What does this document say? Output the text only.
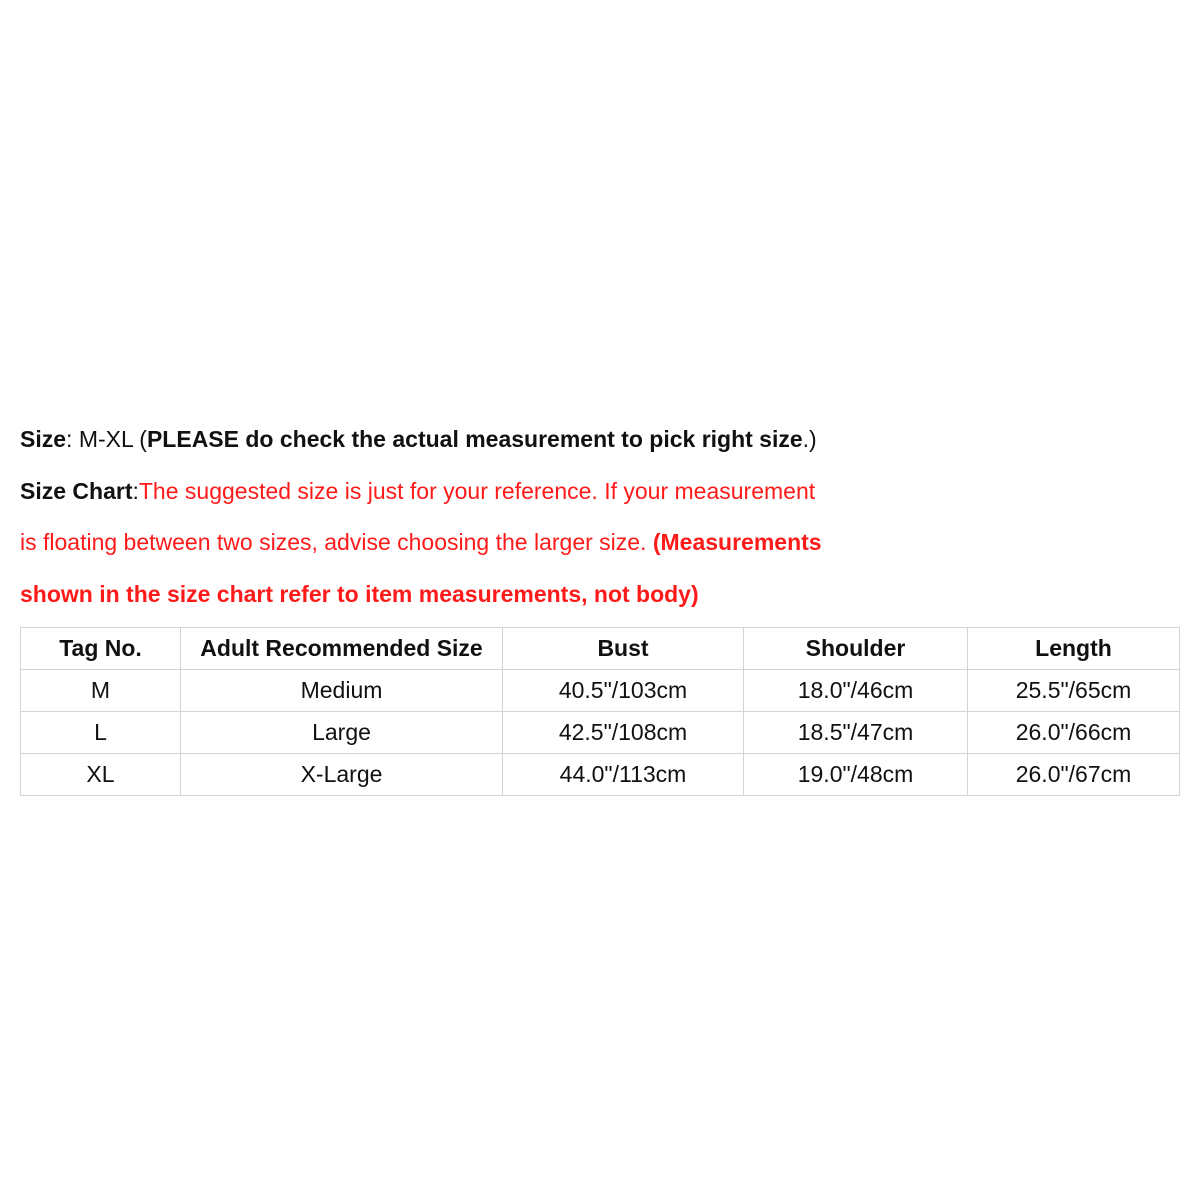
Size: M-XL (PLEASE do check the actual measurement to pick right size.)
Size Chart:The suggested size is just for your reference. If your measurement
is floating between two sizes, advise choosing the larger size. (Measurements
shown in the size chart refer to item measurements, not body)
Tag No.	Adult Recommended Size	Bust	Shoulder	Length
M	Medium	40.5"/103cm	18.0"/46cm	25.5"/65cm
L	Large	42.5"/108cm	18.5"/47cm	26.0"/66cm
XL	X-Large	44.0"/113cm	19.0"/48cm	26.0"/67cm
